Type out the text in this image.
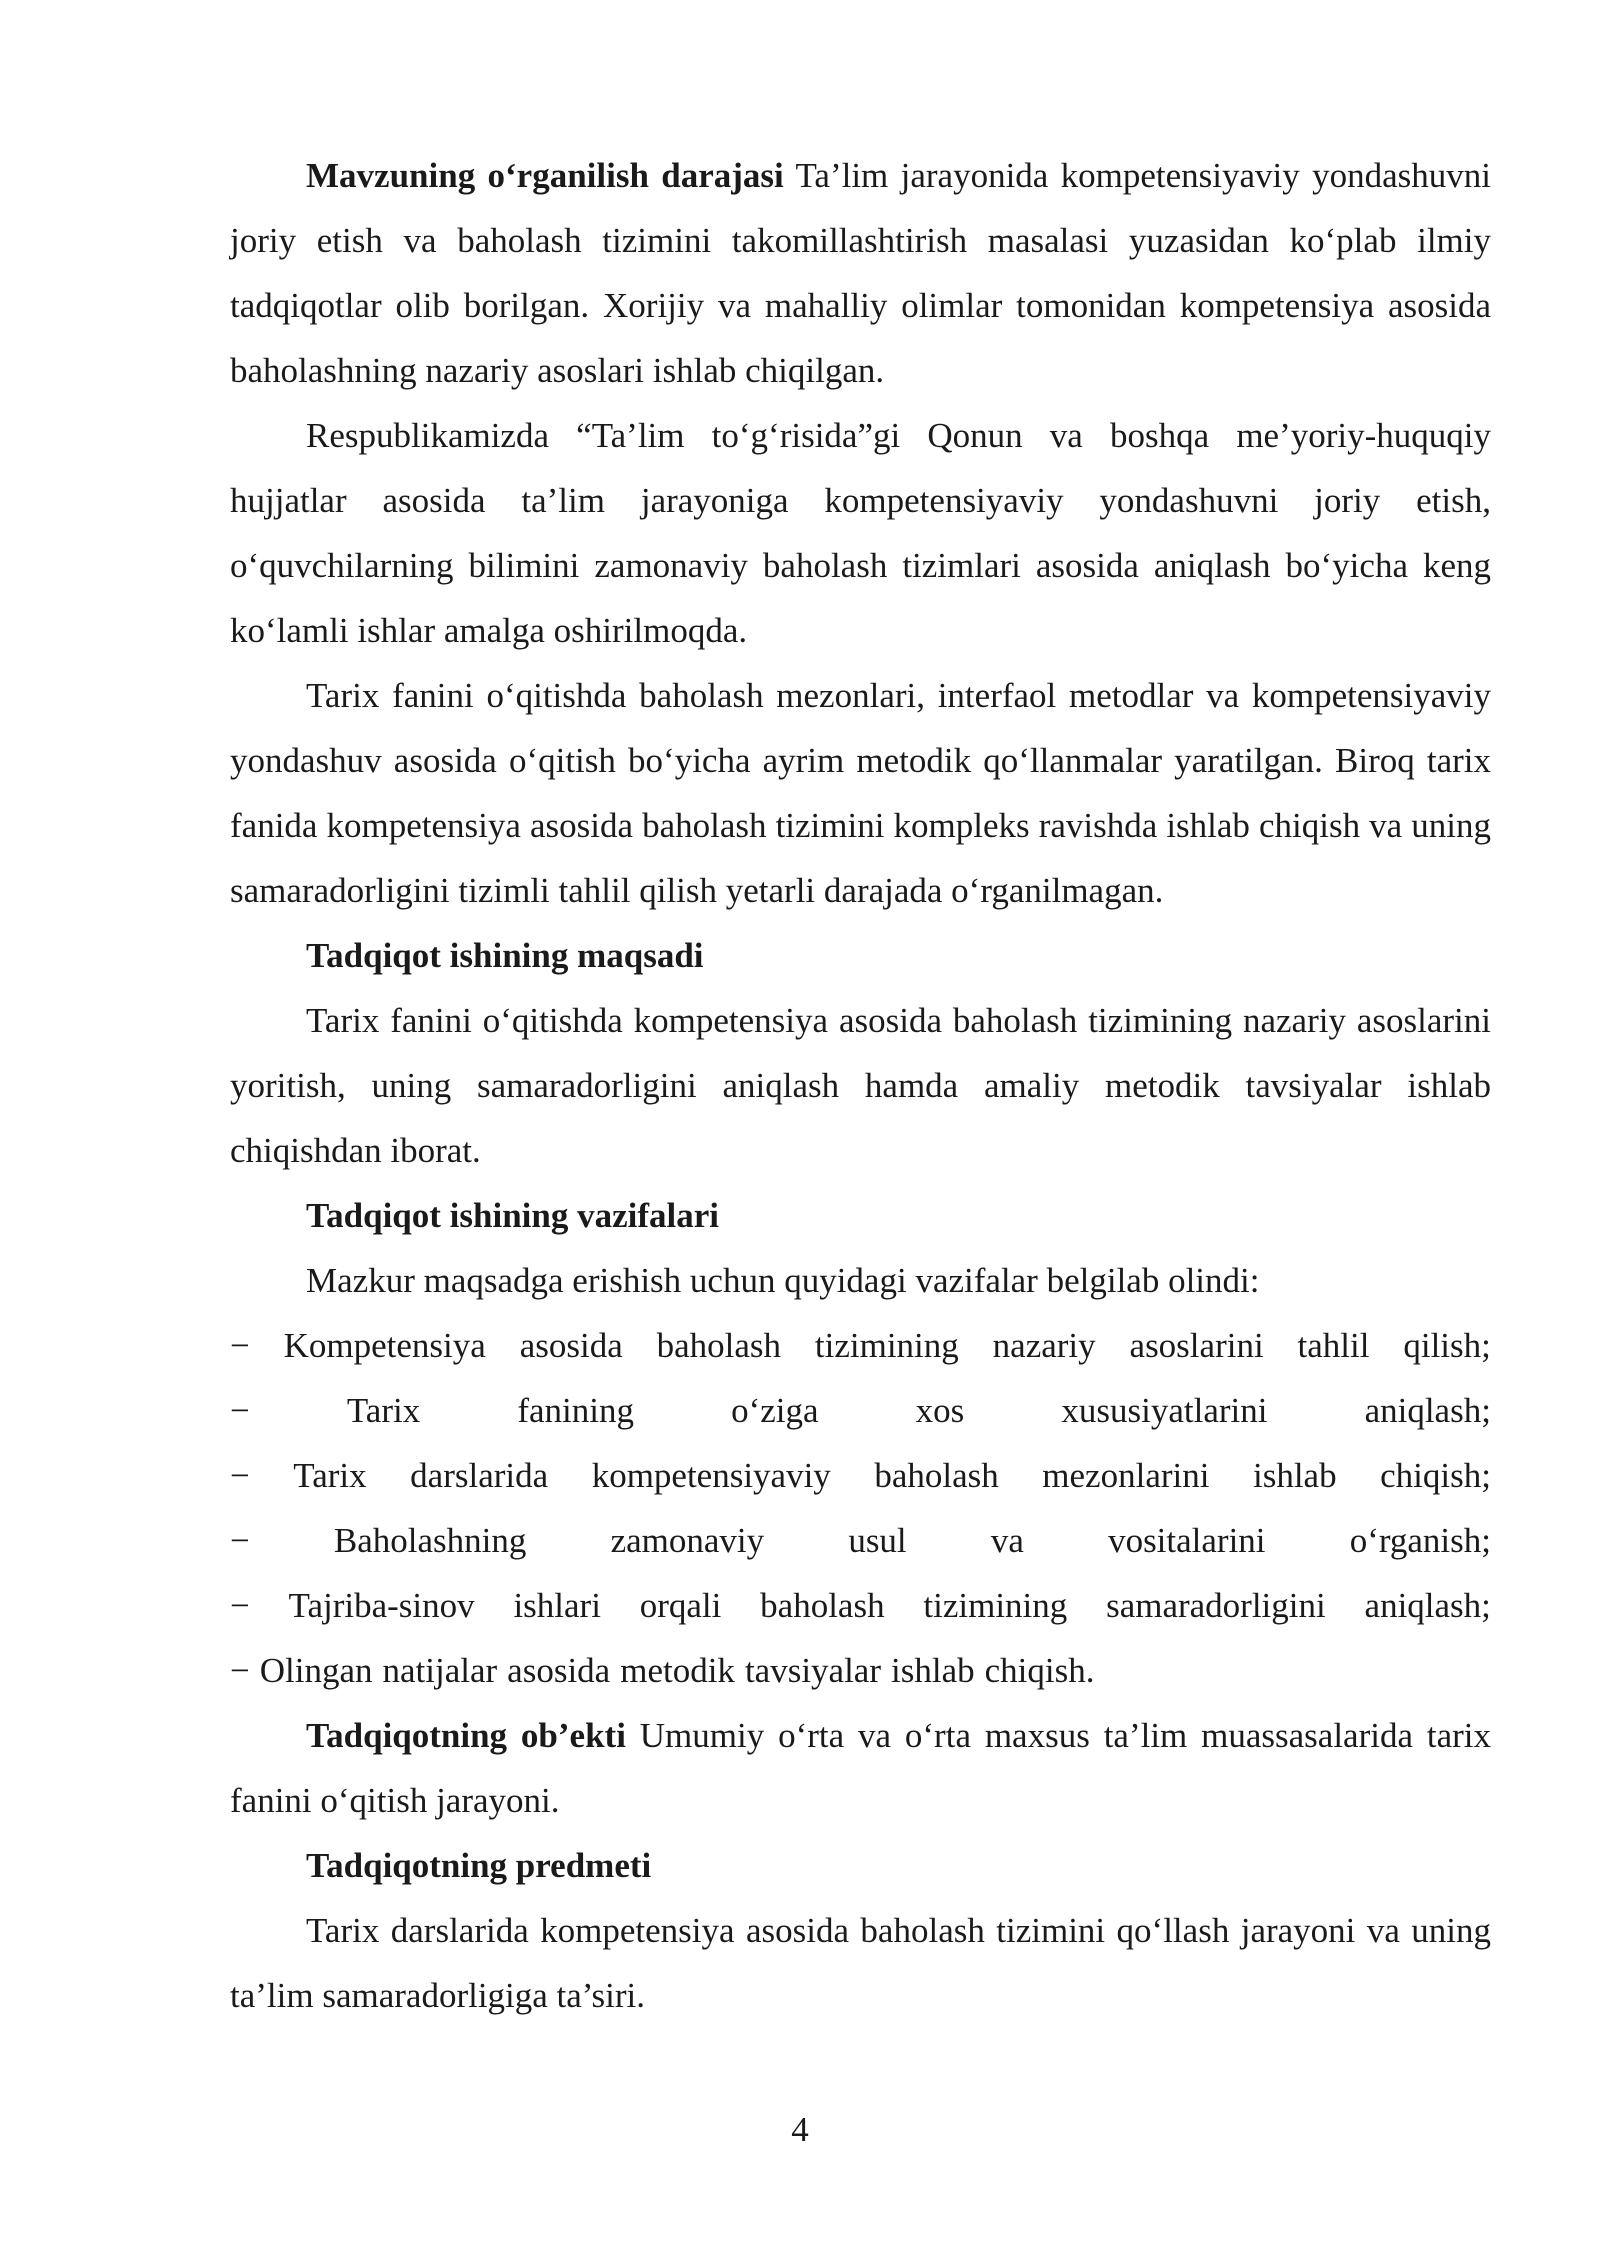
Mavzuning o‘rganilish darajasi Ta’lim jarayonida kompetensiyaviy yondashuvni joriy etish va baholash tizimini takomillashtirish masalasi yuzasidan ko‘plab ilmiy tadqiqotlar olib borilgan. Xorijiy va mahalliy olimlar tomonidan kompetensiya asosida baholashning nazariy asoslari ishlab chiqilgan.

Respublikamizda “Ta’lim to‘g‘risida”gi Qonun va boshqa me’yoriy-huquqiy hujjatlar asosida ta’lim jarayoniga kompetensiyaviy yondashuvni joriy etish, o‘quvchilarning bilimini zamonaviy baholash tizimlari asosida aniqlash bo‘yicha keng ko‘lamli ishlar amalga oshirilmoqda.

Tarix fanini o‘qitishda baholash mezonlari, interfaol metodlar va kompetensiyaviy yondashuv asosida o‘qitish bo‘yicha ayrim metodik qo‘llanmalar yaratilgan. Biroq tarix fanida kompetensiya asosida baholash tizimini kompleks ravishda ishlab chiqish va uning samaradorligini tizimli tahlil qilish yetarli darajada o‘rganilmagan.

Tadqiqot ishining maqsadi

Tarix fanini o‘qitishda kompetensiya asosida baholash tizimining nazariy asoslarini yoritish, uning samaradorligini aniqlash hamda amaliy metodik tavsiyalar ishlab chiqishdan iborat.

Tadqiqot ishining vazifalari

Mazkur maqsadga erishish uchun quyidagi vazifalar belgilab olindi:

− Kompetensiya asosida baholash tizimining nazariy asoslarini tahlil qilish;
−	Tarix	fanining	o‘ziga	xos	xususiyatlarini	aniqlash;
− Tarix darslarida kompetensiyaviy baholash mezonlarini ishlab chiqish;
− Baholashning zamonaviy usul va vositalarini o‘rganish;
− Tajriba-sinov ishlari orqali baholash tizimining samaradorligini aniqlash;
− Olingan natijalar asosida metodik tavsiyalar ishlab chiqish.

Tadqiqotning ob’ekti Umumiy o‘rta va o‘rta maxsus ta’lim muassasalarida tarix fanini o‘qitish jarayoni.

Tadqiqotning predmeti

Tarix darslarida kompetensiya asosida baholash tizimini qo‘llash jarayoni va uning ta’lim samaradorligiga ta’siri.

4
